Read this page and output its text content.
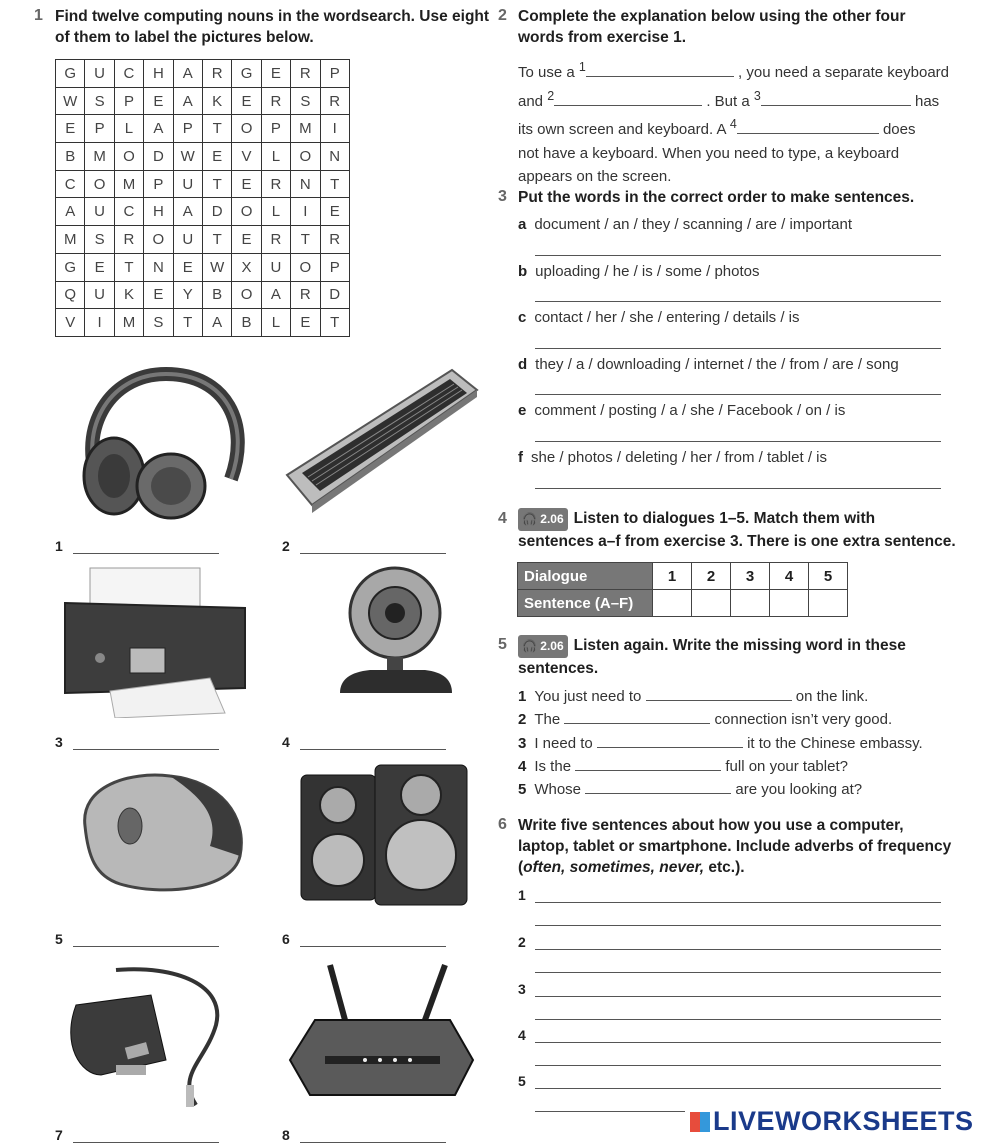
1 Find twelve computing nouns in the wordsearch. Use eight
of them to label the pictures below.
G	U	C	H	A	R	G	E	R	P
W	S	P	E	A	K	E	R	S	R
E	P	L	A	P	T	O	P	M	I
B	M	O	D	W	E	V	L	O	N
C	O	M	P	U	T	E	R	N	T
A	U	C	H	A	D	O	L	I	E
M	S	R	O	U	T	E	R	T	R
G	E	T	N	E	W	X	U	O	P
Q	U	K	E	Y	B	O	A	R	D
V	I	M	S	T	A	B	L	E	T
1	2
3	4
5	6
7	8
2 Complete the explanation below using the other four
words from exercise 1.
To use a $^1$	, you need a separate keyboard
and $^2$	. But a $^3$	has
its own screen and keyboard. A $^4$	does
not have a keyboard. When you need to type, a keyboard
appears on the screen.
3 Put the words in the correct order to make sentences.
a document / an / they / scanning / are / important
b uploading / he / is / some / photos
c contact / her / she / entering / details / is
d they / a / downloading / internet / the / from / are / song
e comment / posting / a / she / Facebook / on / is
f she / photos / deleting / her / from / tablet / is
4	🎧 2.06 Listen to dialogues 1–5. Match them with
sentences a–f from exercise 3. There is one extra sentence.
Dialogue	1	2	3	4	5
Sentence (A–F)					
5	🎧 2.06 Listen again. Write the missing word in these
sentences.
1 You just need to	on the link.
2 The	connection isn’t very good.
3 I need to	it to the Chinese embassy.
4 Is the	full on your tablet?
5 Whose	are you looking at?
6 Write five sentences about how you use a computer,
laptop, tablet or smartphone. Include adverbs of frequency
(often, sometimes, never, etc.).
1
2
3
4
5
LIVEWORKSHEETS
